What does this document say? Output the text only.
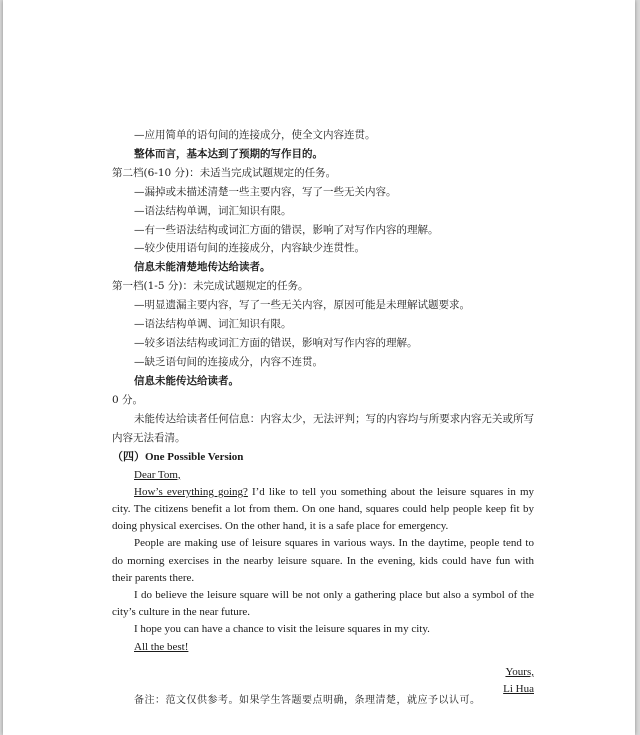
—应用简单的语句间的连接成分，使全文内容连贯。
整体而言，基本达到了预期的写作目的。
第二档(6-10 分)：未适当完成试题规定的任务。
—漏掉或未描述清楚一些主要内容，写了一些无关内容。
—语法结构单调，词汇知识有限。
—有一些语法结构或词汇方面的错误，影响了对写作内容的理解。
—较少使用语句间的连接成分，内容缺少连贯性。
信息未能清楚地传达给读者。
第一档(1-5 分)：未完成试题规定的任务。
—明显遗漏主要内容，写了一些无关内容，原因可能是未理解试题要求。
—语法结构单调、词汇知识有限。
—较多语法结构或词汇方面的错误，影响对写作内容的理解。
—缺乏语句间的连接成分，内容不连贯。
信息未能传达给读者。
0 分。
未能传达给读者任何信息：内容太少，无法评判；写的内容均与所要求内容无关或所写内容无法看清。
（四）One Possible Version
Dear Tom,
How’s everything going? I’d like to tell you something about the leisure squares in my city. The citizens benefit a lot from them. On one hand, squares could help people keep fit by doing physical exercises. On the other hand, it is a safe place for emergency.
People are making use of leisure squares in various ways. In the daytime, people tend to do morning exercises in the nearby leisure square. In the evening, kids could have fun with their parents there.
I do believe the leisure square will be not only a gathering place but also a symbol of the city’s culture in the near future.
I hope you can have a chance to visit the leisure squares in my city.
All the best!
Yours,
Li Hua
备注：范文仅供参考。如果学生答题要点明确，条理清楚，就应予以认可。
